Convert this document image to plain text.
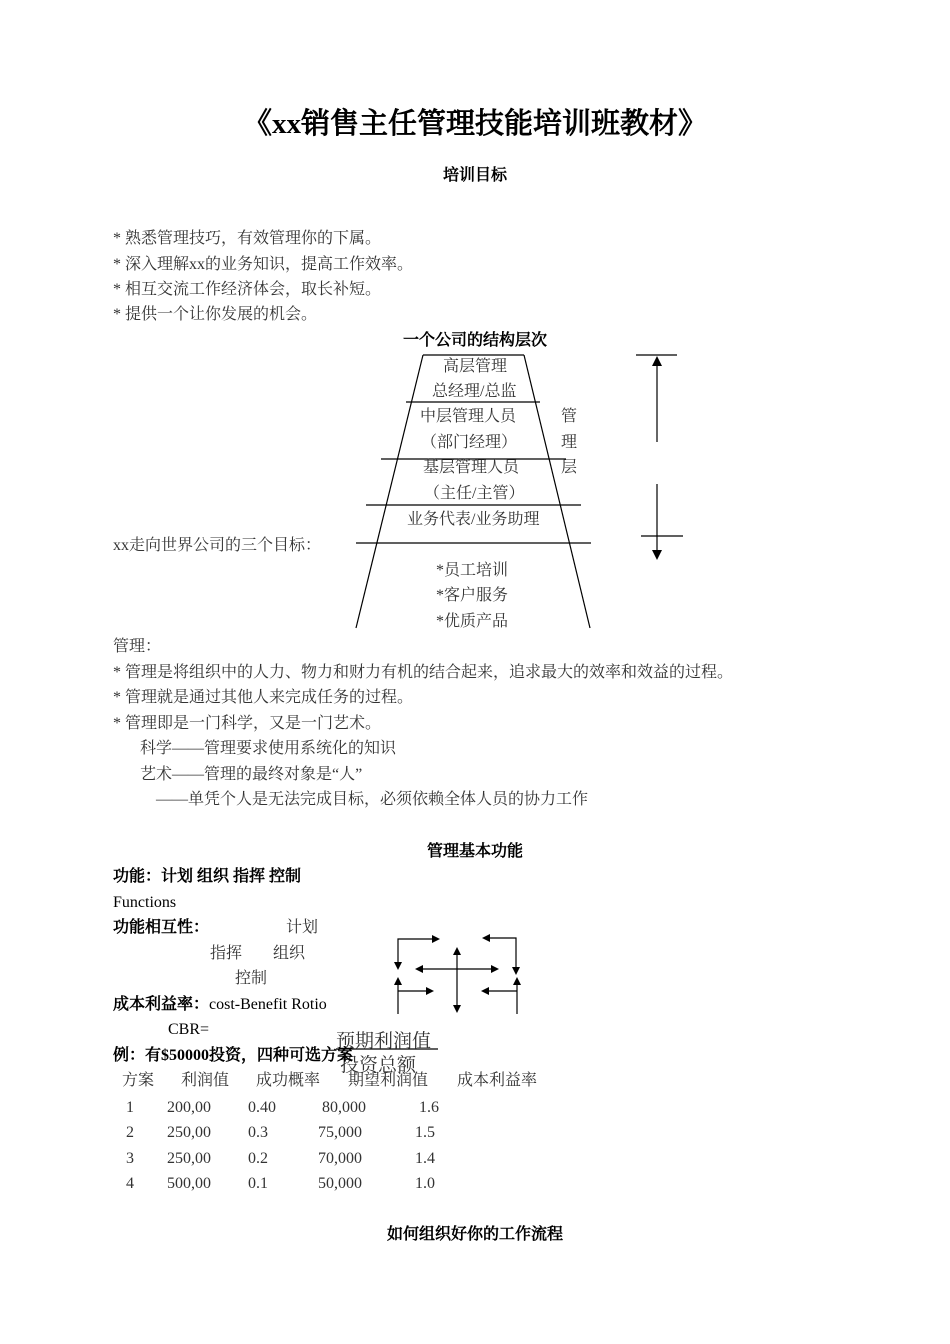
《xx销售主任管理技能培训班教材》
培训目标
* 熟悉管理技巧，有效管理你的下属。
* 深入理解xx的业务知识，提高工作效率。
* 相互交流工作经济体会，取长补短。
* 提供一个让你发展的机会。
一个公司的结构层次
高层管理
总经理/总监
中层管理人员
（部门经理）
基层管理人员
（主任/主管）
业务代表/业务助理
管
理
层
xx走向世界公司的三个目标：
*员工培训
*客户服务
*优质产品
管理：
* 管理是将组织中的人力、物力和财力有机的结合起来，追求最大的效率和效益的过程。
* 管理就是通过其他人来完成任务的过程。
* 管理即是一门科学，又是一门艺术。
科学——管理要求使用系统化的知识
艺术——管理的最终对象是“人”
——单凭个人是无法完成目标，必须依赖全体人员的协力工作
管理基本功能
功能：计划 组织 指挥 控制
Functions
功能相互性：	计划
指挥 组织
控制
成本利益率：cost-Benefit Rotio
CBR=
预期利润值
投资总额
例：有$50000投资，四种可选方案
方案 利润值 成功概率 期望利润值 成本利益率
1 200,00 0.40	80,000	1.6
2 250,00 0.3	75,000	1.5
3 250,00 0.2	70,000	1.4
4 500,00 0.1	50,000	1.0
如何组织好你的工作流程
